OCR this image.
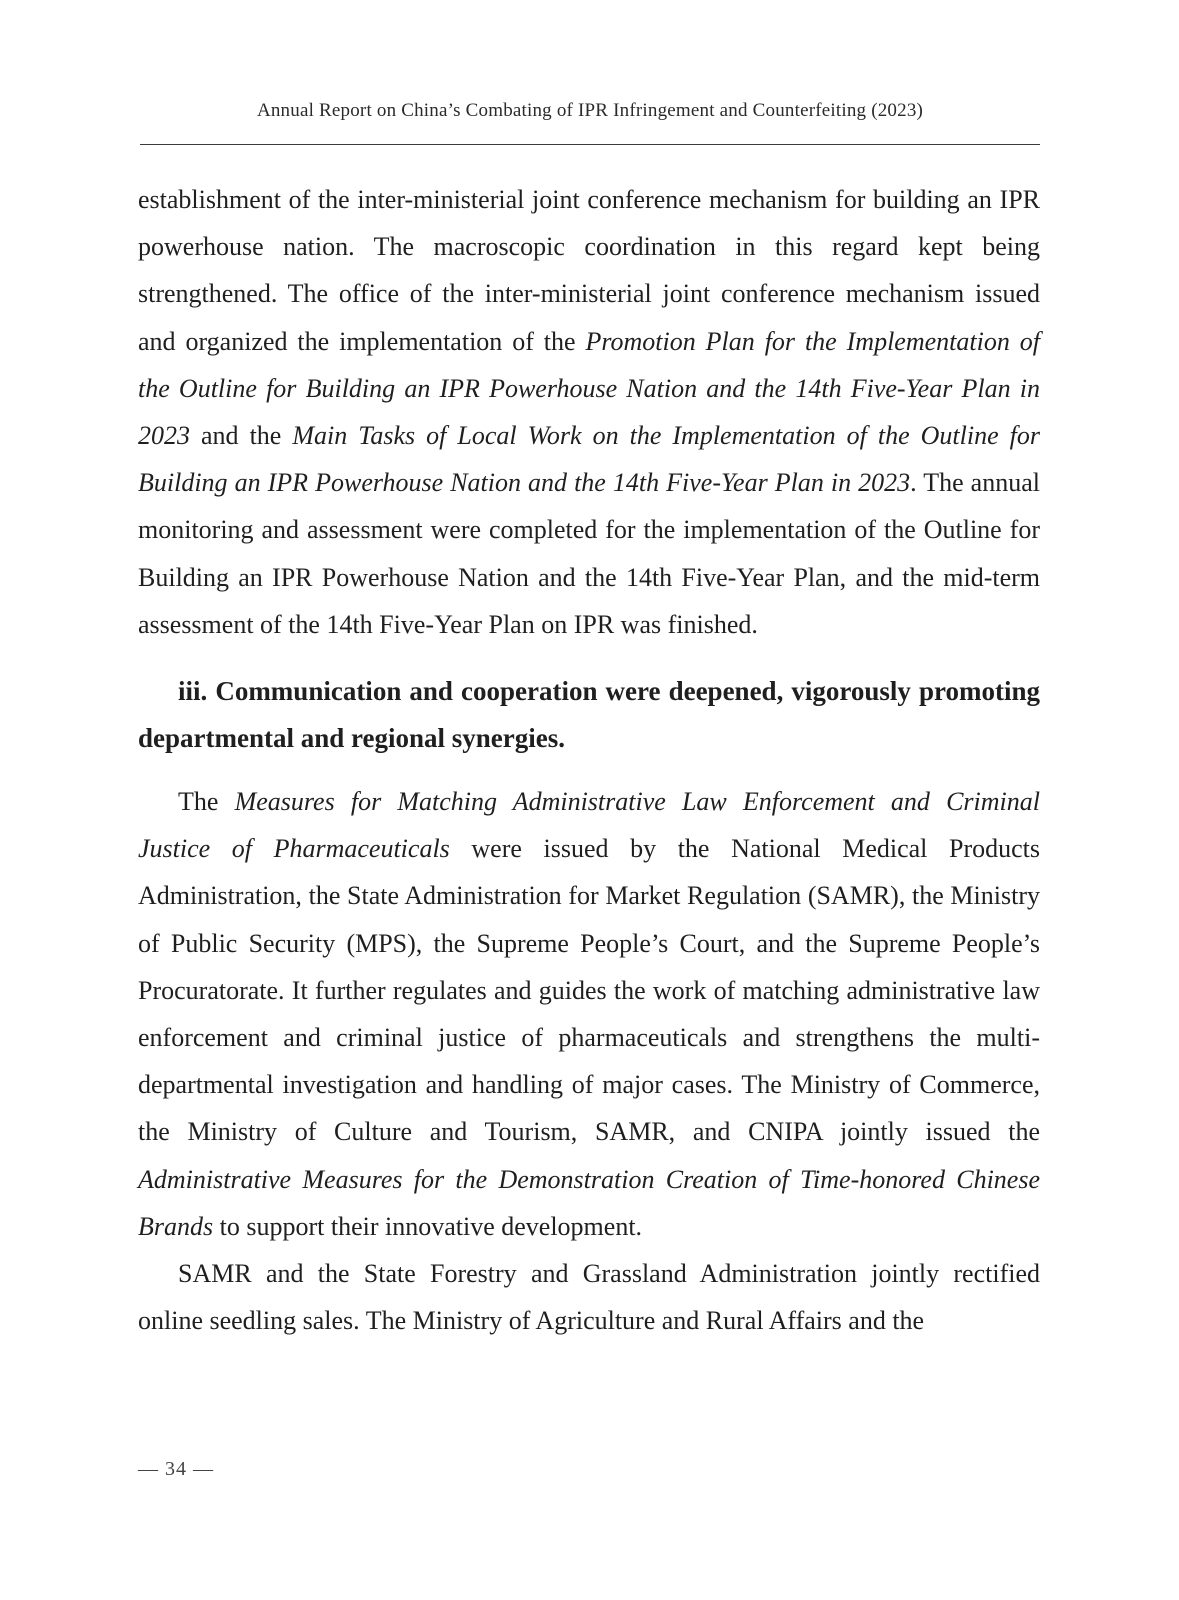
Annual Report on China’s Combating of IPR Infringement and Counterfeiting (2023)

establishment of the inter-ministerial joint conference mechanism for building an IPR powerhouse nation. The macroscopic coordination in this regard kept being strengthened. The office of the inter-ministerial joint conference mechanism issued and organized the implementation of the Promotion Plan for the Implementation of the Outline for Building an IPR Powerhouse Nation and the 14th Five-Year Plan in 2023 and the Main Tasks of Local Work on the Implementation of the Outline for Building an IPR Powerhouse Nation and the 14th Five-Year Plan in 2023. The annual monitoring and assessment were completed for the implementation of the Outline for Building an IPR Powerhouse Nation and the 14th Five-Year Plan, and the mid-term assessment of the 14th Five-Year Plan on IPR was finished.

iii. Communication and cooperation were deepened, vigorously promoting departmental and regional synergies.

The Measures for Matching Administrative Law Enforcement and Criminal Justice of Pharmaceuticals were issued by the National Medical Products Administration, the State Administration for Market Regulation (SAMR), the Ministry of Public Security (MPS), the Supreme People’s Court, and the Supreme People’s Procuratorate. It further regulates and guides the work of matching administrative law enforcement and criminal justice of pharmaceuticals and strengthens the multi-departmental investigation and handling of major cases. The Ministry of Commerce, the Ministry of Culture and Tourism, SAMR, and CNIPA jointly issued the Administrative Measures for the Demonstration Creation of Time-honored Chinese Brands to support their innovative development.

SAMR and the State Forestry and Grassland Administration jointly rectified online seedling sales. The Ministry of Agriculture and Rural Affairs and the

— 34 —
